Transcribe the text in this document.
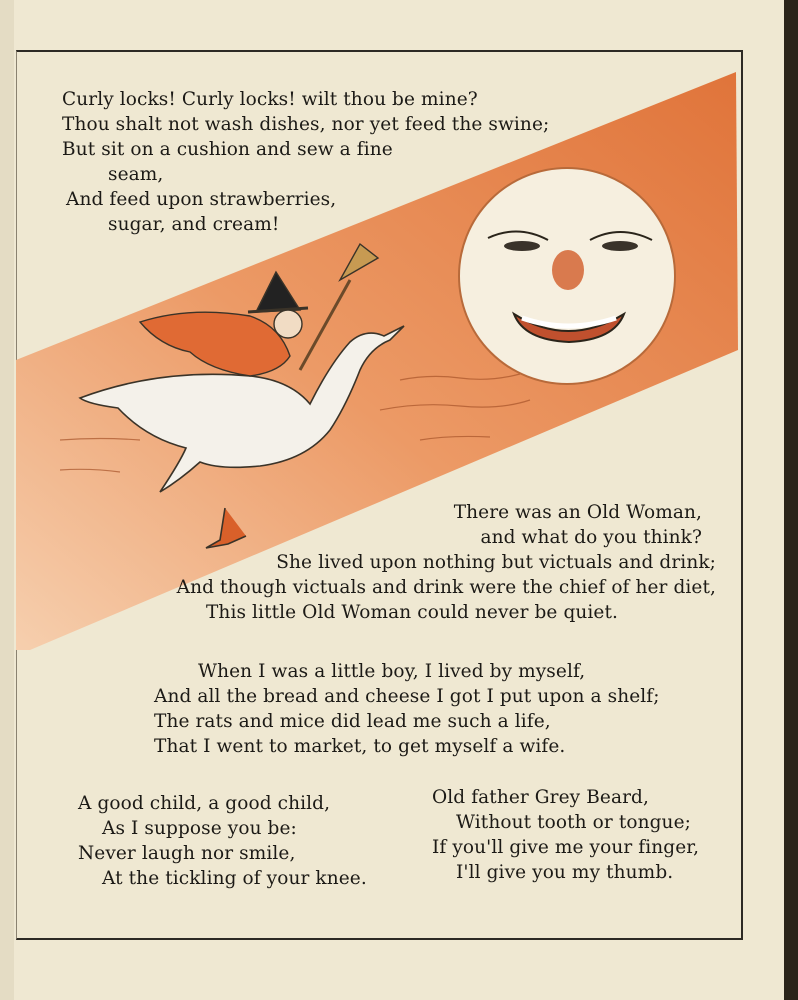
Curly locks! Curly locks! wilt thou be mine?
Thou shalt not wash dishes, nor yet feed the swine;
But sit on a cushion and sew a fine
seam,
And feed upon strawberries,
sugar, and cream!
There was an Old Woman,
and what do you think?
She lived upon nothing but victuals and drink;
And though victuals and drink were the chief of her diet,
This little Old Woman could never be quiet.
When I was a little boy, I lived by myself,
And all the bread and cheese I got I put upon a shelf;
The rats and mice did lead me such a life,
That I went to market, to get myself a wife.
A good child, a good child,
As I suppose you be:
Never laugh nor smile,
At the tickling of your knee.
Old father Grey Beard,
Without tooth or tongue;
If you'll give me your finger,
I'll give you my thumb.
